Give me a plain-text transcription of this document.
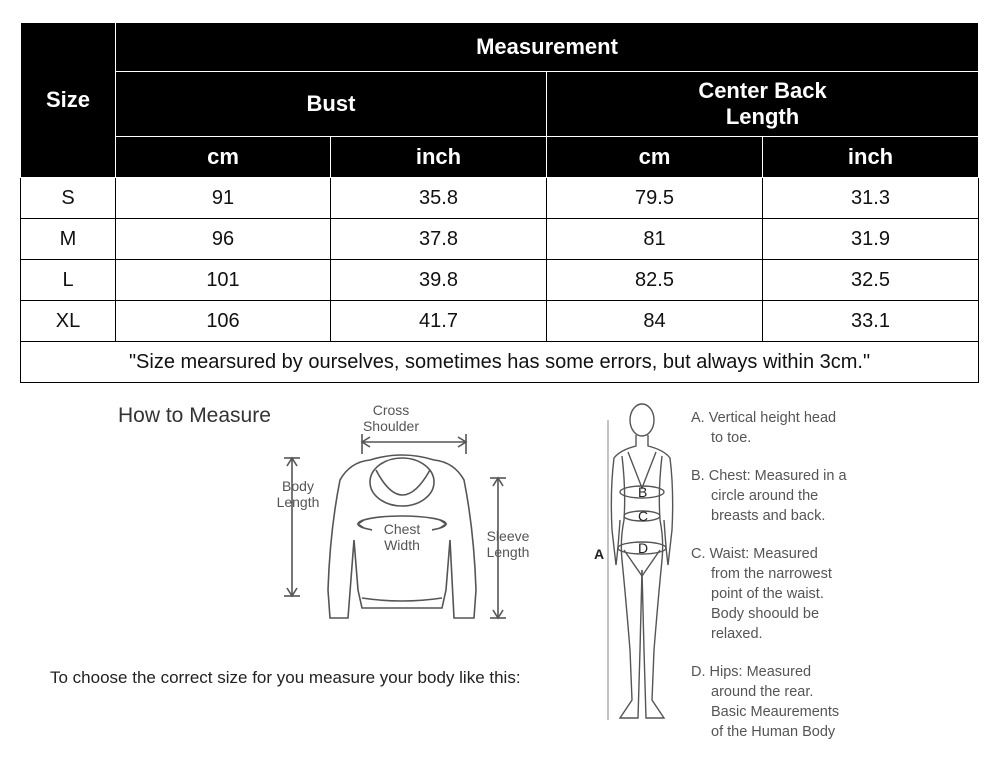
Size	Measurement			
	Bust		Center Back
Length	
	cm	inch	cm	inch
S	91	35.8	79.5	31.3
M	96	37.8	81	31.9
L	101	39.8	82.5	32.5
XL	106	41.7	84	33.1
"Size mearsured by ourselves, sometimes has some errors, but always within 3cm."				
How to Measure	Cross
Shoulder
Body
Length
Chest
Width
Sleeve
Length
To choose the correct size for you measure your body like this:
B
C
D
A

A. Vertical height head

to toe.

B. Chest: Measured in a

circle around the
breasts and back.

C. Waist: Measured

from the narrowest
point of the waist.
Body shoould be
relaxed.

D. Hips: Measured

around the rear.
Basic Meaurements
of the Human Body
